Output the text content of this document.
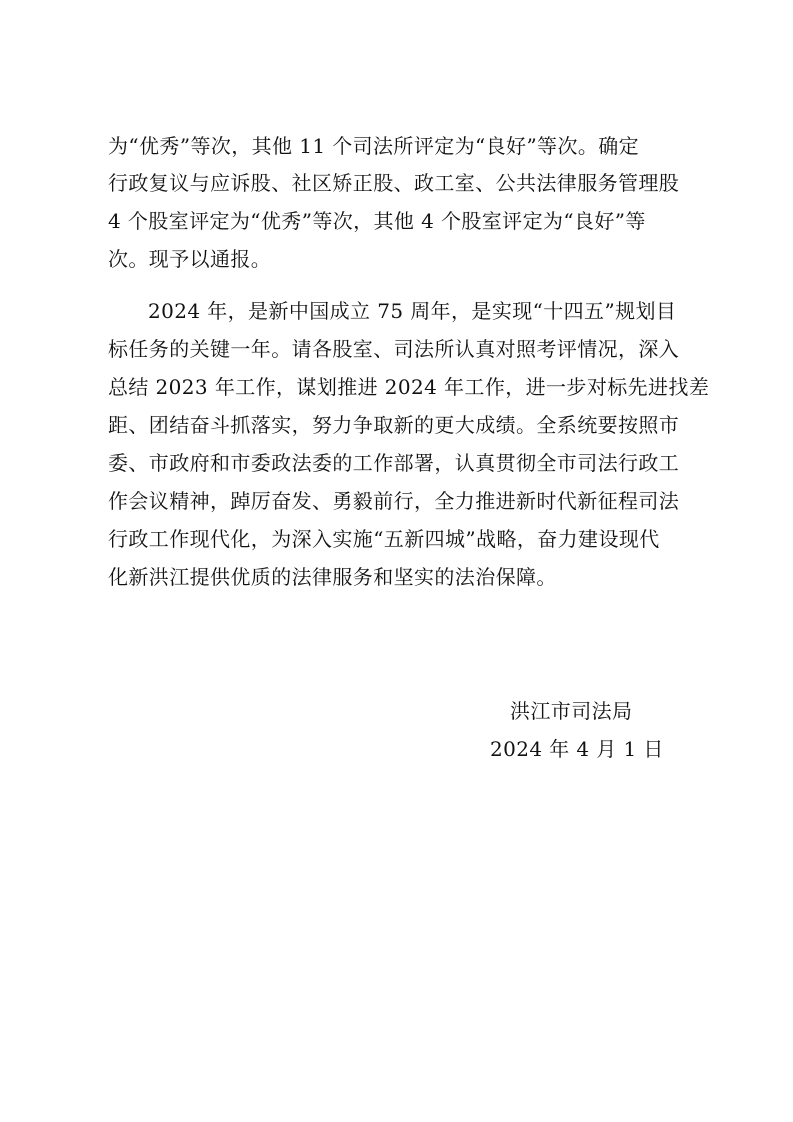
为“优秀”等次，其他 11 个司法所评定为“良好”等次。确定
行政复议与应诉股、社区矫正股、政工室、公共法律服务管理股
4 个股室评定为“优秀”等次，其他 4 个股室评定为“良好”等
次。现予以通报。
2024 年，是新中国成立 75 周年，是实现“十四五”规划目
标任务的关键一年。请各股室、司法所认真对照考评情况，深入
总结 2023 年工作，谋划推进 2024 年工作，进一步对标先进找差
距、团结奋斗抓落实，努力争取新的更大成绩。全系统要按照市
委、市政府和市委政法委的工作部署，认真贯彻全市司法行政工
作会议精神，踔厉奋发、勇毅前行，全力推进新时代新征程司法
行政工作现代化，为深入实施“五新四城”战略，奋力建设现代
化新洪江提供优质的法律服务和坚实的法治保障。
洪江市司法局
2024 年 4 月 1 日
